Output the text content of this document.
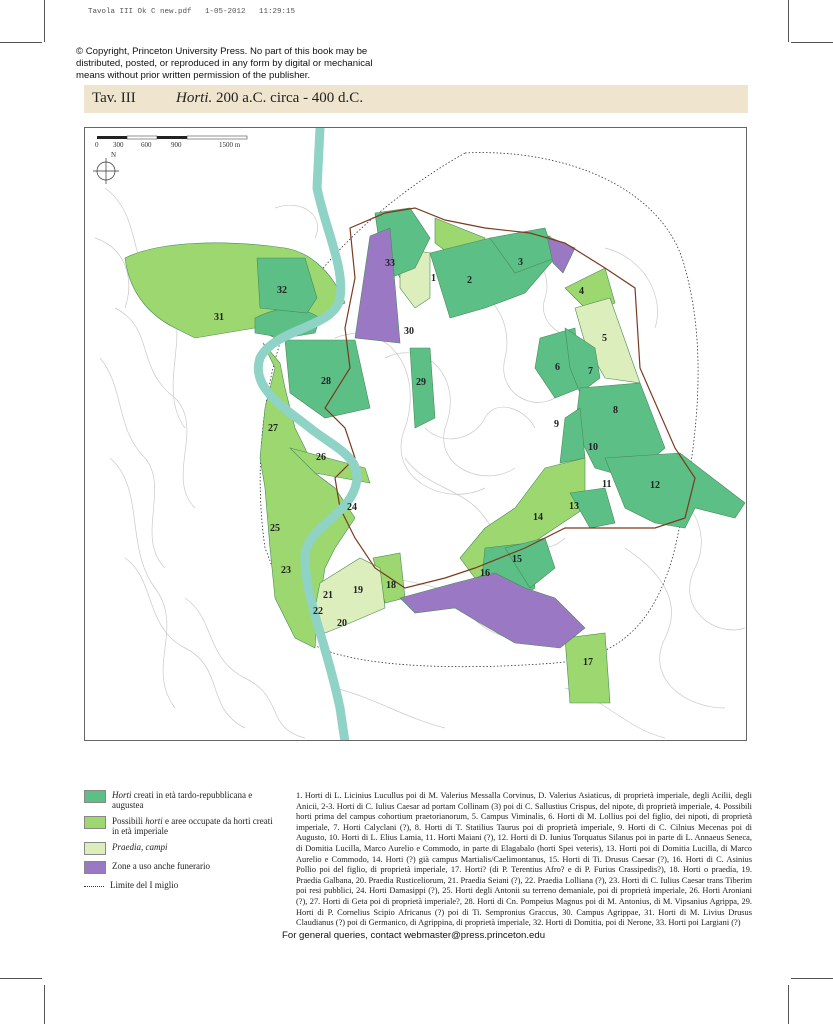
Tavola III Ok C new.pdf   1-05-2012   11:29:15
© Copyright, Princeton University Press. No part of this book may be distributed, posted, or reproduced in any form by digital or mechanical means without prior written permission of the publisher.
Tav. III	Horti. 200 a.C. circa - 400 d.C.
0 300	600	900	1500 m
N
1	2
3
4
5
6	7
8
9
10
11	12
13
14
15
16
17
18
19
20
21
22
23
24
25
26
27
28	29
30
31
32
33
Horti creati in età tardo-repubblicana e augustea
Possibili horti e aree occupate da horti creati in età imperiale
Praedia, campi
Zone a uso anche funerario
Limite del I miglio
1. Horti di L. Licinius Lucullus poi di M. Valerius Messalla Corvinus, D. Valerius Asiaticus, di proprietà imperiale, degli Acilii, degli Anicii, 2-3. Horti di C. Iulius Caesar ad portam Collinam (3) poi di C. Sallustius Crispus, del nipote, di proprietà imperiale, 4. Possibili horti prima del campus cohortium praetorianorum, 5. Campus Viminalis, 6. Horti di M. Lollius poi del figlio, dei nipoti, di proprietà imperiale, 7. Horti Calyclani (?), 8. Horti di T. Statilius Taurus poi di proprietà imperiale, 9. Horti di C. Cilnius Mecenas poi di Augusto, 10. Horti di L. Elius Lamia, 11. Horti Maiani (?), 12. Horti di D. Iunius Torquatus Silanus poi in parte di L. Annaeus Seneca, di Domitia Lucilla, Marco Aurelio e Commodo, in parte di Elagabalo (horti Spei veteris), 13. Horti poi di Domitia Lucilla, di Marco Aurelio e Commodo, 14. Horti (?) già campus Martialis/Caelimontanus, 15. Horti di Ti. Drusus Caesar (?), 16. Horti di C. Asinius Pollio poi del figlio, di proprietà imperiale, 17. Horti? (di P. Terentius Afro? e di P. Furius Crassipedis?), 18. Horti o praedia, 19. Praedia Galbana, 20. Praedia Rusticeliorum, 21. Praedia Seiani (?), 22. Praedia Lolliana (?), 23. Horti di C. Iulius Caesar trans Tiberim poi resi pubblici, 24. Horti Damasippi (?), 25. Horti degli Antonii su terreno demaniale, poi di proprietà imperiale, 26. Horti Aroniani (?), 27. Horti di Geta poi di proprietà imperiale?, 28. Horti di Cn. Pompeius Magnus poi di M. Antonius, di M. Vipsanius Agrippa, 29. Horti di P. Cornelius Scipio Africanus (?) poi di Ti. Sempronius Graccus, 30. Campus Agrippae, 31. Horti di M. Livius Drusus Claudianus (?) poi di Germanico, di Agrippina, di proprietà imperiale, 32. Horti di Domitia, poi di Nerone, 33. Horti poi Largiani (?)
For general queries, contact webmaster@press.princeton.edu
